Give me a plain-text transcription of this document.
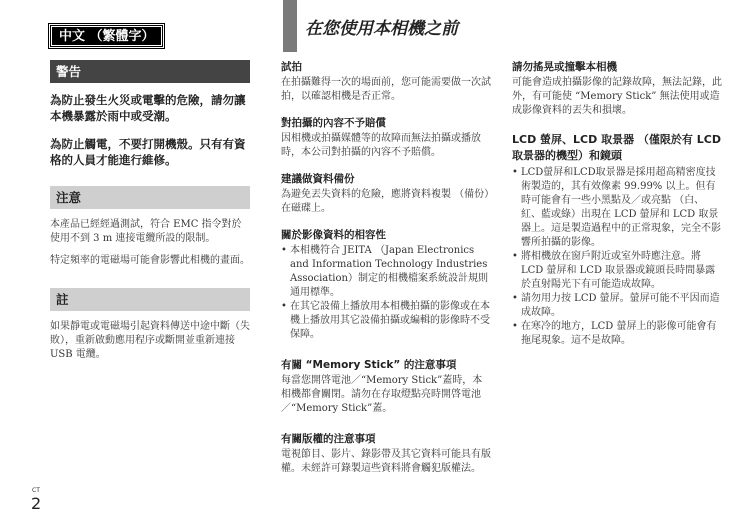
中文 （繁體字）	在您使用本相機之前
警告

為防止發生火災或電擊的危險，請勿讓本機暴露於雨中或受潮。

為防止觸電，不要打開機殼。只有有資格的人員才能進行維修。

注意

本產品已經經過測試，符合 EMC 指令對於使用不到 3 m 連接電纜所設的限制。

特定頻率的電磁場可能會影響此相機的畫面。

註

如果靜電或電磁場引起資料傳送中途中斷（失敗），重新啟動應用程序或斷開並重新連接 USB 電纜。

試拍

在拍攝難得一次的場面前，您可能需要做一次試拍，以確認相機是否正常。

對拍攝的內容不予賠償

因相機或拍攝媒體等的故障而無法拍攝或播放時，本公司對拍攝的內容不予賠償。

建議做資料備份

為避免丟失資料的危險，應將資料複製 （備份）在磁碟上。

關於影像資料的相容性

• 本相機符合 JEITA （Japan Electronics and Information Technology Industries Association）制定的相機檔案系統設計規則通用標準。
• 在其它設備上播放用本相機拍攝的影像或在本機上播放用其它設備拍攝或編輯的影像時不受保障。

有關 “Memory Stick” 的注意事項

每當您開啓電池／“Memory Stick”蓋時，本相機都會關閉。請勿在存取燈點亮時開啓電池／“Memory Stick”蓋。

有關版權的注意事項

電視節目、影片、錄影帶及其它資料可能具有版權。未經許可錄製這些資料將會觸犯版權法。

請勿搖晃或撞擊本相機

可能會造成拍攝影像的記錄故障，無法記錄，此外，有可能使 “Memory Stick” 無法使用或造成影像資料的丟失和損壞。

LCD 螢屏、LCD 取景器 （僅限於有 LCD 取景器的機型）和鏡頭

• LCD螢屏和LCD取景器是採用超高精密度技術製造的，其有效像素 99.99% 以上。但有時可能會有一些小黑點及／或亮點 （白、紅、藍或綠）出現在 LCD 螢屏和 LCD 取景器上。這是製造過程中的正常現象，完全不影響所拍攝的影像。
• 將相機放在窗戶附近或室外時應注意。將 LCD 螢屏和 LCD 取景器或鏡頭長時間暴露於直射陽光下有可能造成故障。
• 請勿用力按 LCD 螢屏。螢屏可能不平因而造成故障。
• 在寒冷的地方，LCD 螢屏上的影像可能會有拖尾現象。這不是故障。
CT
2
